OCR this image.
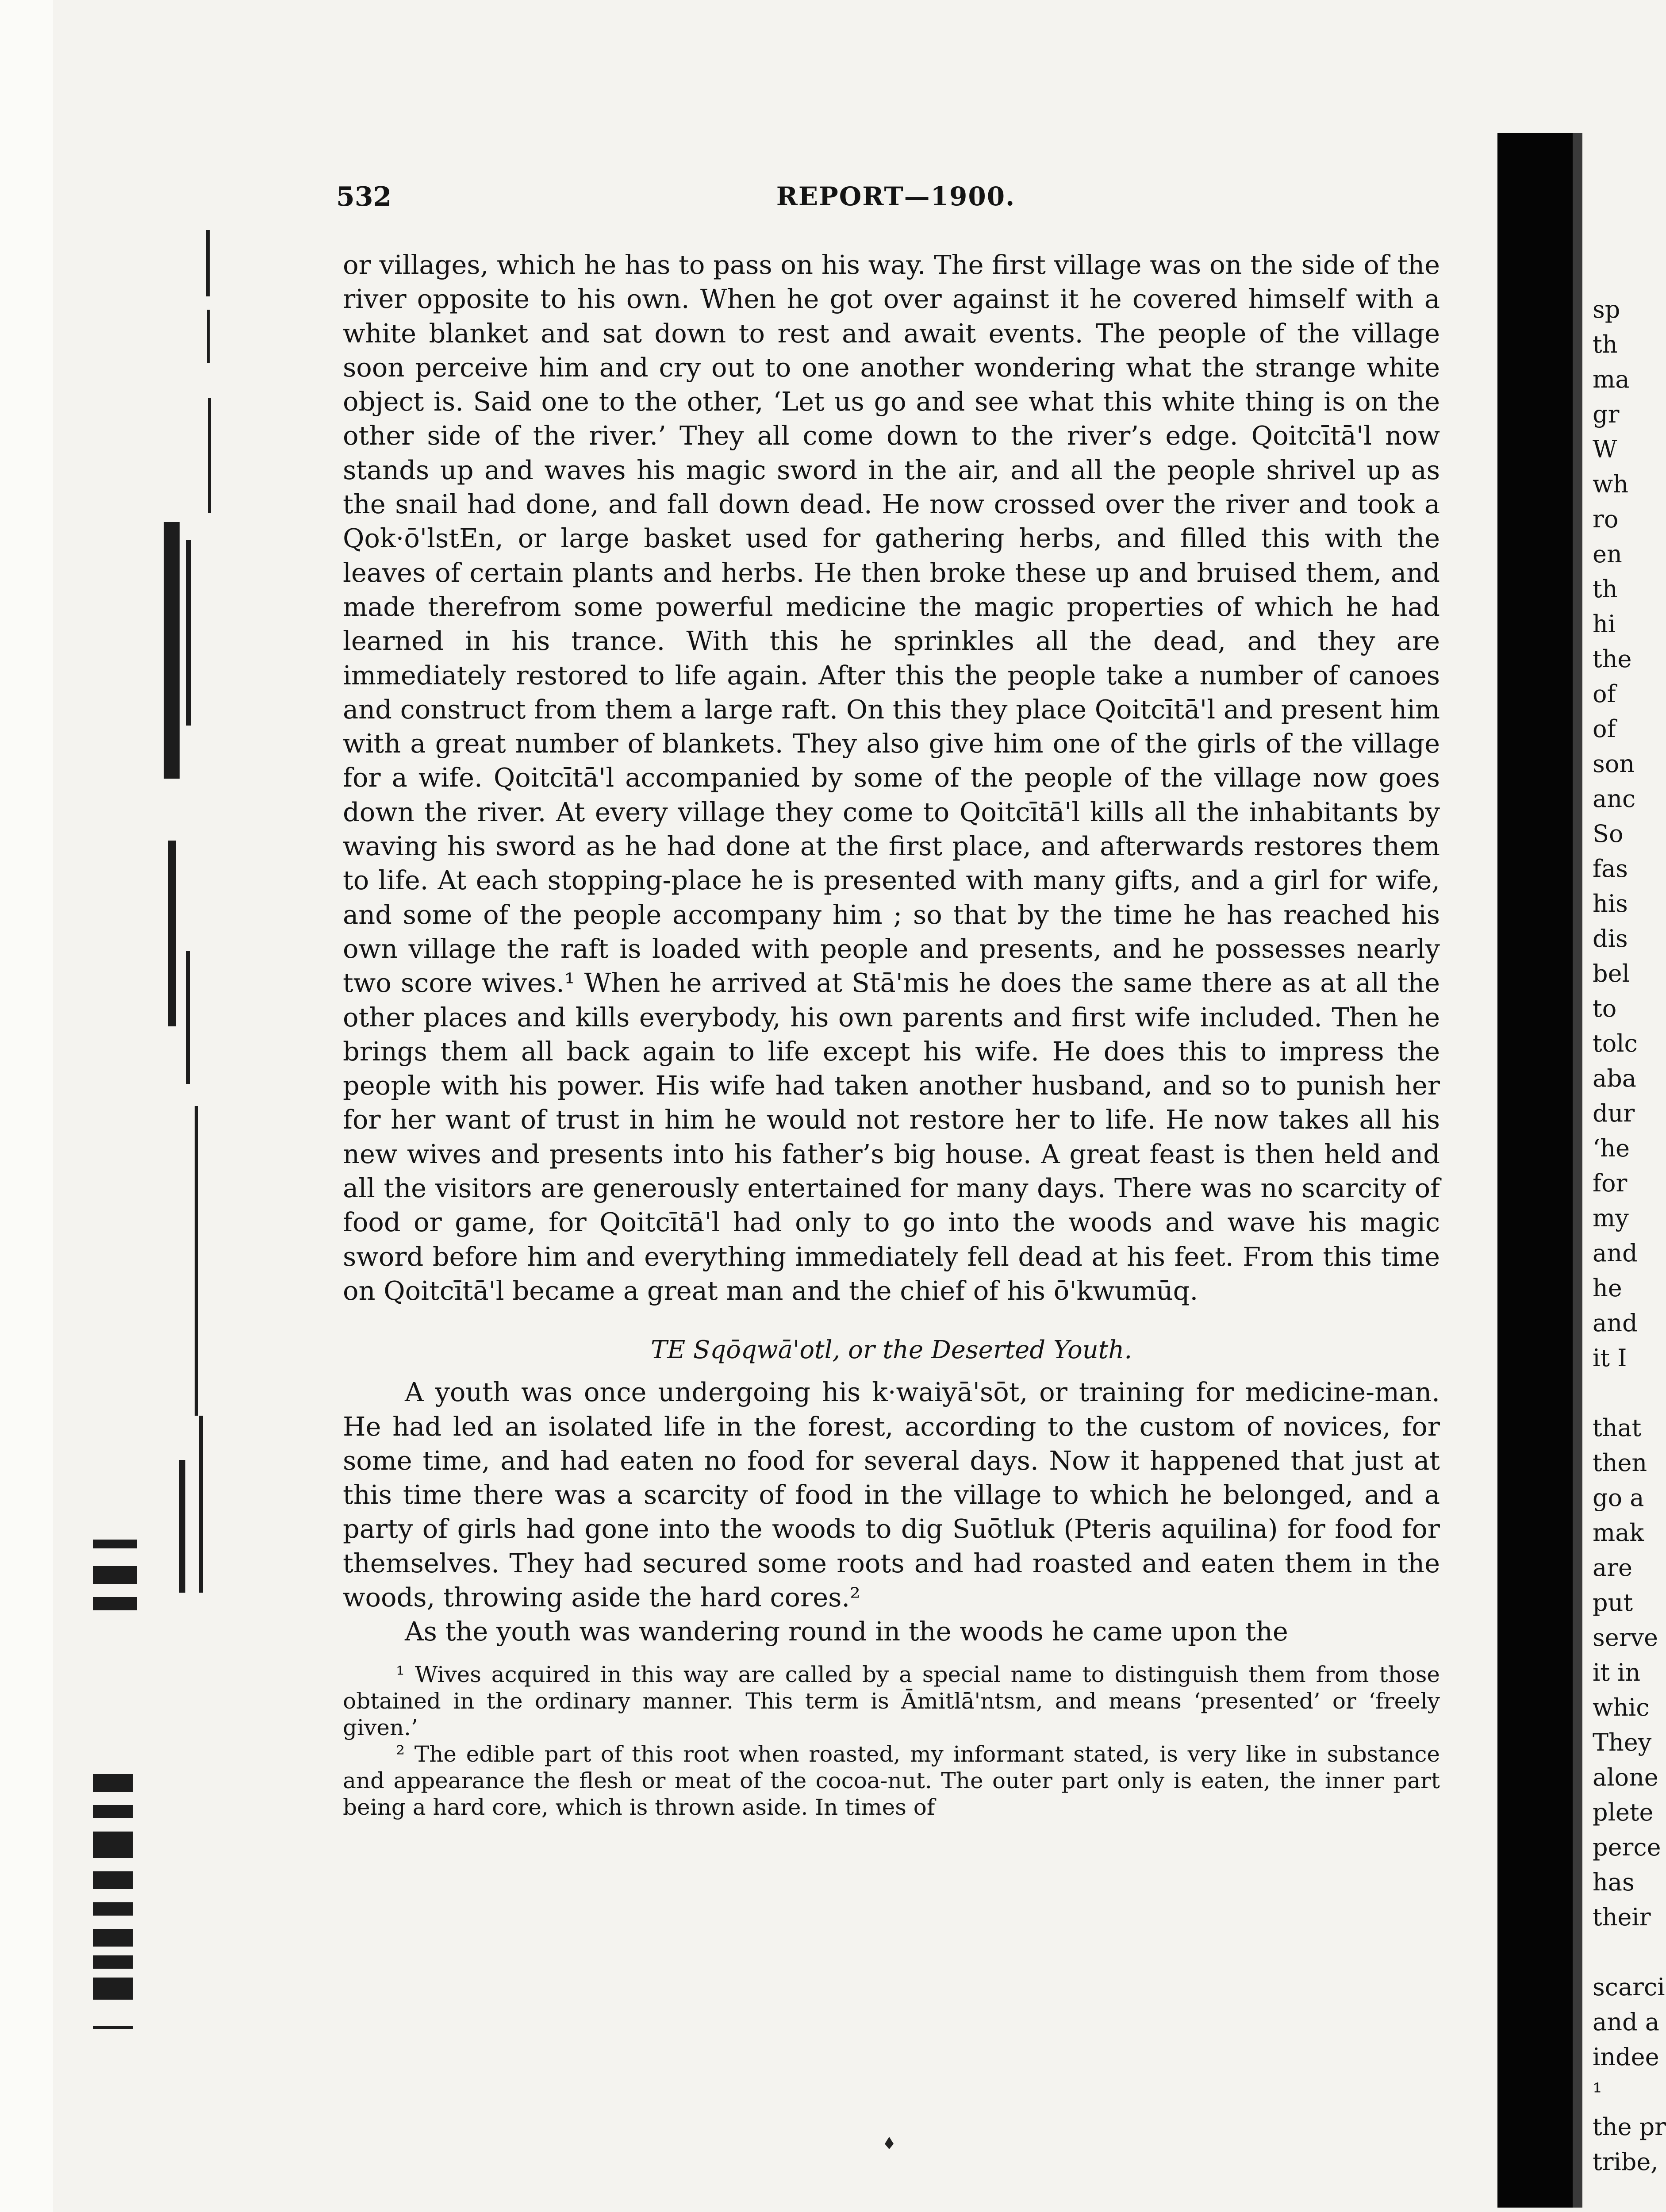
532	REPORT—1900.

or villages, which he has to pass on his way. The first village was on the side of the river opposite to his own. When he got over against it he covered himself with a white blanket and sat down to rest and await events. The people of the village soon perceive him and cry out to one another wondering what the strange white object is. Said one to the other, ‘Let us go and see what this white thing is on the other side of the river.’ They all come down to the river’s edge. Qoitcītā'l now stands up and waves his magic sword in the air, and all the people shrivel up as the snail had done, and fall down dead. He now crossed over the river and took a Qok·ō'lstEn, or large basket used for gathering herbs, and filled this with the leaves of certain plants and herbs. He then broke these up and bruised them, and made therefrom some powerful medicine the magic properties of which he had learned in his trance. With this he sprinkles all the dead, and they are immediately restored to life again. After this the people take a number of canoes and construct from them a large raft. On this they place Qoitcītā'l and present him with a great number of blankets. They also give him one of the girls of the village for a wife. Qoitcītā'l accompanied by some of the people of the village now goes down the river. At every village they come to Qoitcītā'l kills all the inhabitants by waving his sword as he had done at the first place, and afterwards restores them to life. At each stopping-place he is presented with many gifts, and a girl for wife, and some of the people accompany him ; so that by the time he has reached his own village the raft is loaded with people and presents, and he possesses nearly two score wives.¹ When he arrived at Stā'mis he does the same there as at all the other places and kills everybody, his own parents and first wife included. Then he brings them all back again to life except his wife. He does this to impress the people with his power. His wife had taken another husband, and so to punish her for her want of trust in him he would not restore her to life. He now takes all his new wives and presents into his father’s big house. A great feast is then held and all the visitors are generously entertained for many days. There was no scarcity of food or game, for Qoitcītā'l had only to go into the woods and wave his magic sword before him and everything immediately fell dead at his feet. From this time on Qoitcītā'l became a great man and the chief of his ō'kwumūq.

TE Sqōqwā'otl, or the Deserted Youth.

A youth was once undergoing his k·waiyā'sōt, or training for medicine-man. He had led an isolated life in the forest, according to the custom of novices, for some time, and had eaten no food for several days. Now it happened that just at this time there was a scarcity of food in the village to which he belonged, and a party of girls had gone into the woods to dig Suōtluk (Pteris aquilina) for food for themselves. They had secured some roots and had roasted and eaten them in the woods, throwing aside the hard cores.²

As the youth was wandering round in the woods he came upon the

¹ Wives acquired in this way are called by a special name to distinguish them from those obtained in the ordinary manner. This term is Āmitlā'ntsm, and means ‘presented’ or ‘freely given.’

² The edible part of this root when roasted, my informant stated, is very like in substance and appearance the flesh or meat of the cocoa-nut. The outer part only is eaten, the inner part being a hard core, which is thrown aside. In times of

sp
th
ma
gr
W
wh
ro
en
th
hi
the
of
of
son
anc
So
fas
his
dis
bel
to
tolc
aba
dur
‘he
for
my
and
he
and
it I
that
then
go a
mak
are
put
serve
it in
whic
They
alone
plete
perce
has
their
scarci
and a
indee
¹
the pr
tribe,
